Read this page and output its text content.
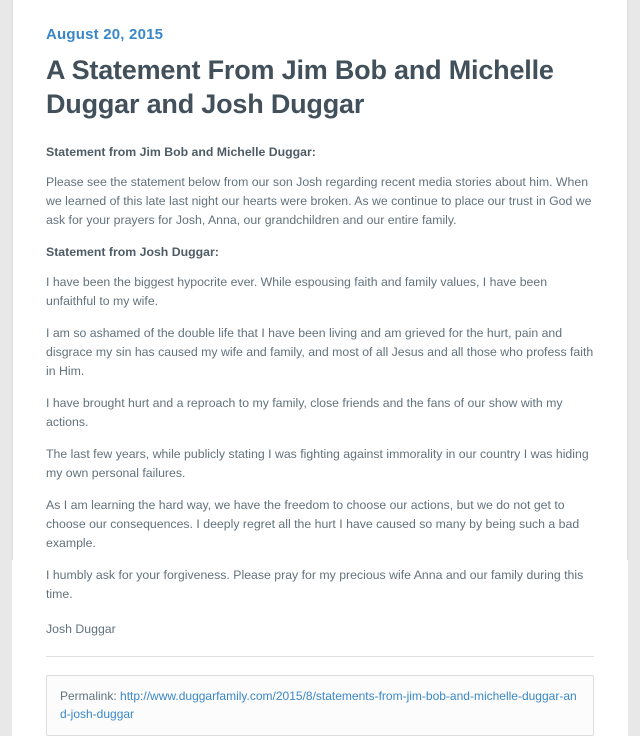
August 20, 2015
A Statement From Jim Bob and Michelle Duggar and Josh Duggar

Statement from Jim Bob and Michelle Duggar:

Please see the statement below from our son Josh regarding recent media stories about him. When we learned of this late last night our hearts were broken. As we continue to place our trust in God we ask for your prayers for Josh, Anna, our grandchildren and our entire family.

Statement from Josh Duggar:

I have been the biggest hypocrite ever. While espousing faith and family values, I have been unfaithful to my wife.

I am so ashamed of the double life that I have been living and am grieved for the hurt, pain and disgrace my sin has caused my wife and family, and most of all Jesus and all those who profess faith in Him.

I have brought hurt and a reproach to my family, close friends and the fans of our show with my actions.

The last few years, while publicly stating I was fighting against immorality in our country I was hiding my own personal failures.

As I am learning the hard way, we have the freedom to choose our actions, but we do not get to choose our consequences. I deeply regret all the hurt I have caused so many by being such a bad example.

I humbly ask for your forgiveness. Please pray for my precious wife Anna and our family during this time.

Josh Duggar
Permalink: http://www.duggarfamily.com/2015/8/statements-from-jim-bob-and-michelle-duggar-and-josh-duggar
